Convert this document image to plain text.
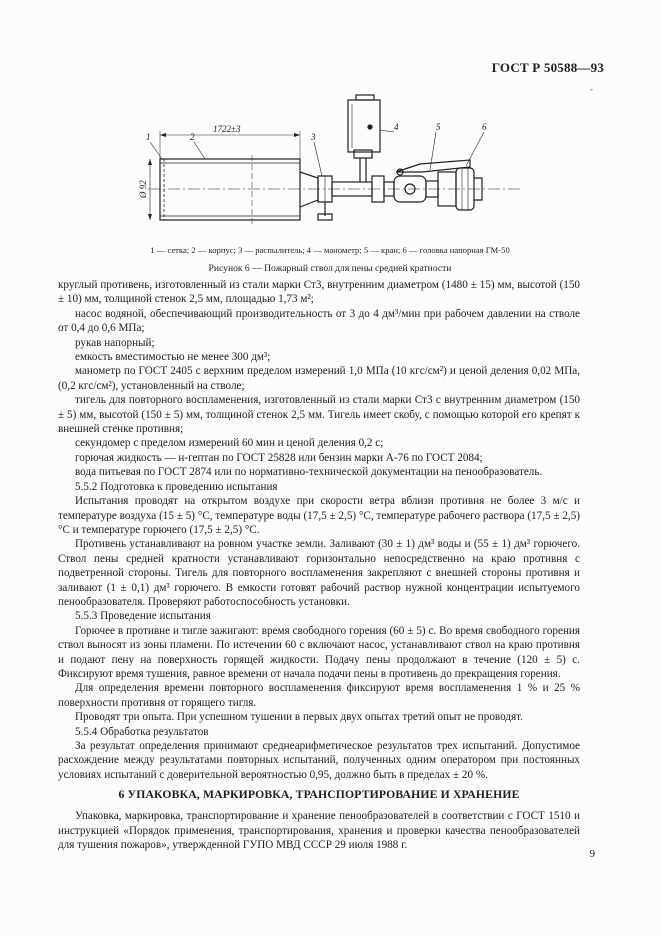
ГОСТ Р 50588—93
-
1	2	3
4	5	6
1722±3
Ø 92
1 — сетка; 2 — корпус; 3 — распылитель; 4 — манометр; 5 — кран; 6 — головка напорная ГМ-50
Рисунок 6 — Пожарный ствол для пены средней кратности

круглый противень, изготовленный из стали марки Ст3, внутренним диаметром (1480 ± 15) мм, высотой (150 ± 10) мм, толщиной стенок 2,5 мм, площадью 1,73 м²;

насос водяной, обеспечивающий производительность от 3 до 4 дм³/мин при рабочем давлении на стволе от 0,4 до 0,6 МПа;

рукав напорный;

емкость вместимостью не менее 300 дм³;

манометр по ГОСТ 2405 с верхним пределом измерений 1,0 МПа (10 кгс/см²) и ценой деления 0,02 МПа, (0,2 кгс/см²), установленный на стволе;

тигель для повторного воспламенения, изготовленный из стали марки Ст3 с внутренним диаметром (150 ± 5) мм, высотой (150 ± 5) мм, толщиной стенок 2,5 мм. Тигель имеет скобу, с помощью которой его крепят к внешней стенке противня;

секундомер с пределом измерений 60 мин и ценой деления 0,2 с;

горючая жидкость — н-гептан по ГОСТ 25828 или бензин марки А-76 по ГОСТ 2084;

вода питьевая по ГОСТ 2874 или по нормативно-технической документации на пенообразователь.

5.5.2 Подготовка к проведению испытания

Испытания проводят на открытом воздухе при скорости ветра вблизи противня не более 3 м/с и температуре воздуха (15 ± 5) °С, температуре воды (17,5 ± 2,5) °С, температуре рабочего раствора (17,5 ± 2,5) °С и температуре горючего (17,5 ± 2,5) °С.

Противень устанавливают на ровном участке земли. Заливают (30 ± 1) дм³ воды и (55 ± 1) дм³ горючего. Ствол пены средней кратности устанавливают горизонтально непосредственно на краю противня с подветренной стороны. Тигель для повторного воспламенения закрепляют с внешней стороны противня и заливают (1 ± 0,1) дм³ горючего. В емкости готовят рабочий раствор нужной концентрации испытуемого пенообразователя. Проверяют работоспособность установки.

5.5.3 Проведение испытания

Горючее в противне и тигле зажигают: время свободного горения (60 ± 5) с. Во время свободного горения ствол выносят из зоны пламени. По истечении 60 с включают насос, устанавливают ствол на краю противня и подают пену на поверхность горящей жидкости. Подачу пены продолжают в течение (120 ± 5) с. Фиксируют время тушения, равное времени от начала подачи пены в противень до прекращения горения.

Для определения времени повторного воспламенения фиксируют время воспламенения 1 % и 25 % поверхности противня от горящего тигля.

Проводят три опыта. При успешном тушении в первых двух опытах третий опыт не проводят.

5.5.4 Обработка результатов

За результат определения принимают среднеарифметическое результатов трех испытаний. Допустимое расхождение между результатами повторных испытаний, полученных одним оператором при постоянных условиях испытаний с доверительной вероятностью 0,95, должно быть в пределах ± 20 %.

6 УПАКОВКА, МАРКИРОВКА, ТРАНСПОРТИРОВАНИЕ И ХРАНЕНИЕ

Упаковка, маркировка, транспортирование и хранение пенообразователей в соответствии с ГОСТ 1510 и инструкцией «Порядок применения, транспортирования, хранения и проверки качества пенообразователей для тушения пожаров», утвержденной ГУПО МВД СССР 29 июля 1988 г.

9
